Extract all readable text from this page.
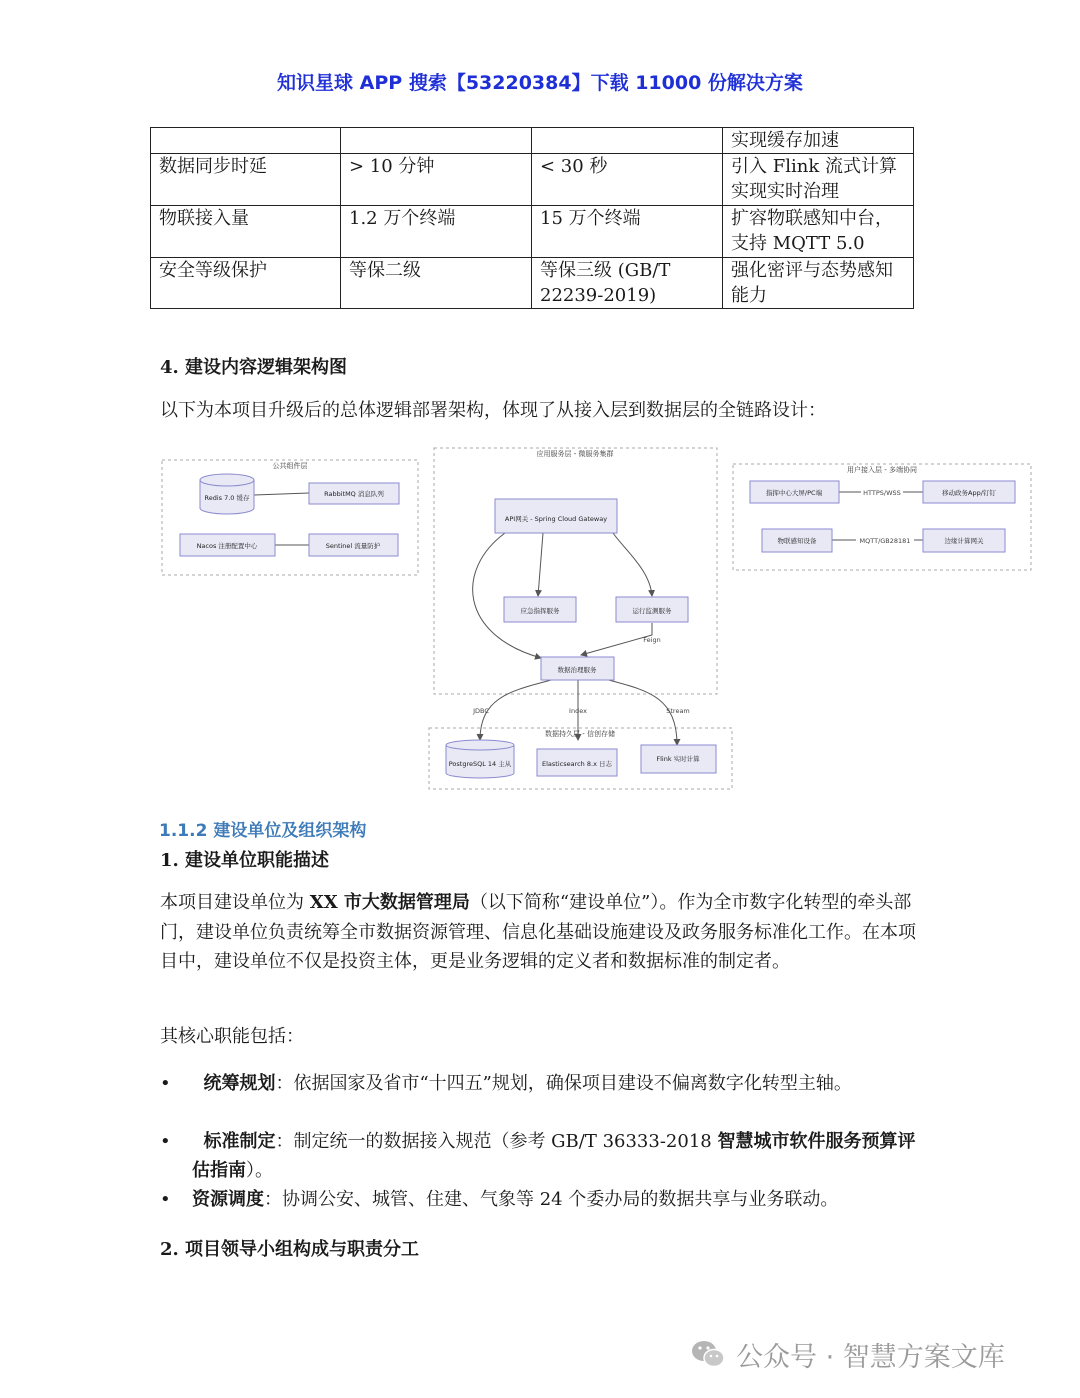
知识星球 APP 搜索【53220384】下载 11000 份解决方案
			实现缓存加速
数据同步时延	> 10 分钟	< 30 秒	引入 Flink 流式计算实现实时治理
物联接入量	1.2 万个终端	15 万个终端	扩容物联感知中台，支持 MQTT 5.0
安全等级保护	等保二级	等保三级 (GB/T 22239-2019)	强化密评与态势感知能力
4. 建设内容逻辑架构图
以下为本项目升级后的总体逻辑部署架构，体现了从接入层到数据层的全链路设计：
公共组件层
应用服务层 - 微服务集群
用户接入层 - 多端协同
数据持久层 - 信创存储
Redis 7.0 缓存	RabbitMQ 消息队列
Nacos 注册配置中心	Sentinel 流量防护
API网关 - Spring Cloud Gateway
应急指挥服务	运行监测服务
数据治理服务
指挥中心大屏/PC端	移动政务App/钉钉
物联感知设备	边缘计算网关
PostgreSQL 14 主从	Elasticsearch 8.x 日志
Flink 实时计算
HTTPS/WSS
MQTT/GB28181
Feign
JDBC	Index	Stream
1.1.2 建设单位及组织架构
1. 建设单位职能描述
本项目建设单位为 XX 市大数据管理局（以下简称“建设单位”）。作为全市数字化转型的牵头部门，建设单位负责统筹全市数据资源管理、信息化基础设施建设及政务服务标准化工作。在本项目中，建设单位不仅是投资主体，更是业务逻辑的定义者和数据标准的制定者。
其核心职能包括：
•	统筹规划：依据国家及省市“十四五”规划，确保项目建设不偏离数字化转型主轴。
•	标准制定：制定统一的数据接入规范（参考 GB/T 36333-2018 智慧城市软件服务预算评估指南）。
• 资源调度：协调公安、城管、住建、气象等 24 个委办局的数据共享与业务联动。
2. 项目领导小组构成与职责分工
公众号 · 智慧方案文库
